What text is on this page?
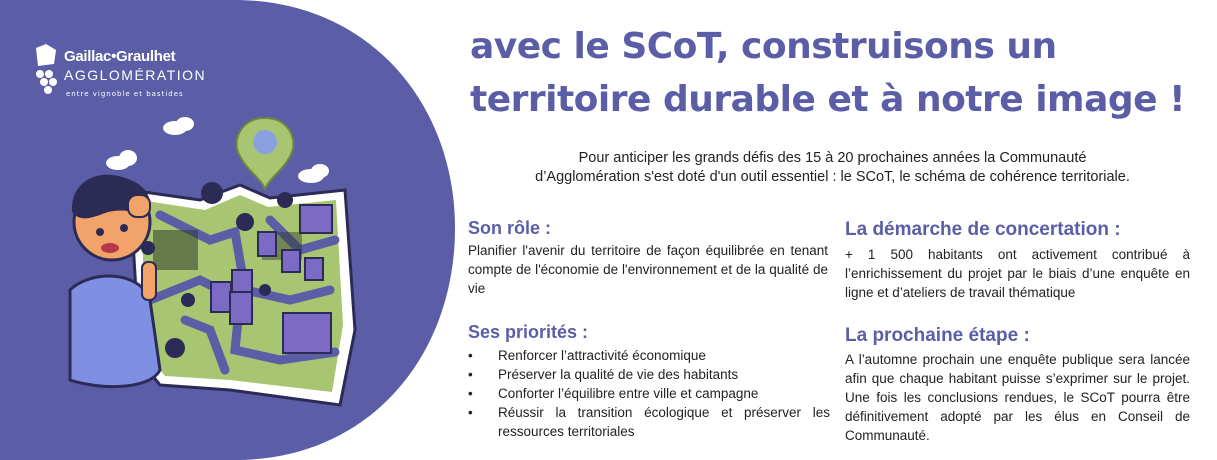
Gaillac•Graulhet
AGGLOMÉRATION
entre vignoble et bastides
avec le SCoT, construisons un
territoire durable et à notre image !
Pour anticiper les grands défis des 15 à 20 prochaines années la Communauté
d’Agglomération s'est doté d'un outil essentiel : le SCoT, le schéma de cohérence territoriale.
Son rôle :
Planifier l'avenir du territoire de façon équilibrée en tenant compte de l'économie de l'environnement et de la qualité de vie
Ses priorités :
• Renforcer l’attractivité économique
• Préserver la qualité de vie des habitants
• Conforter l’équilibre entre ville et campagne
• Réussir la transition écologique et préserver les ressources territoriales
La démarche de concertation :
+ 1 500 habitants ont activement contribué à l’enrichissement du projet par le biais d’une enquête en ligne et d’ateliers de travail thématique
La prochaine étape :
A l’automne prochain une enquête publique sera lancée afin que chaque habitant puisse s’exprimer sur le projet. Une fois les conclusions rendues, le SCoT pourra être définitivement adopté par les élus en Conseil de Communauté.
